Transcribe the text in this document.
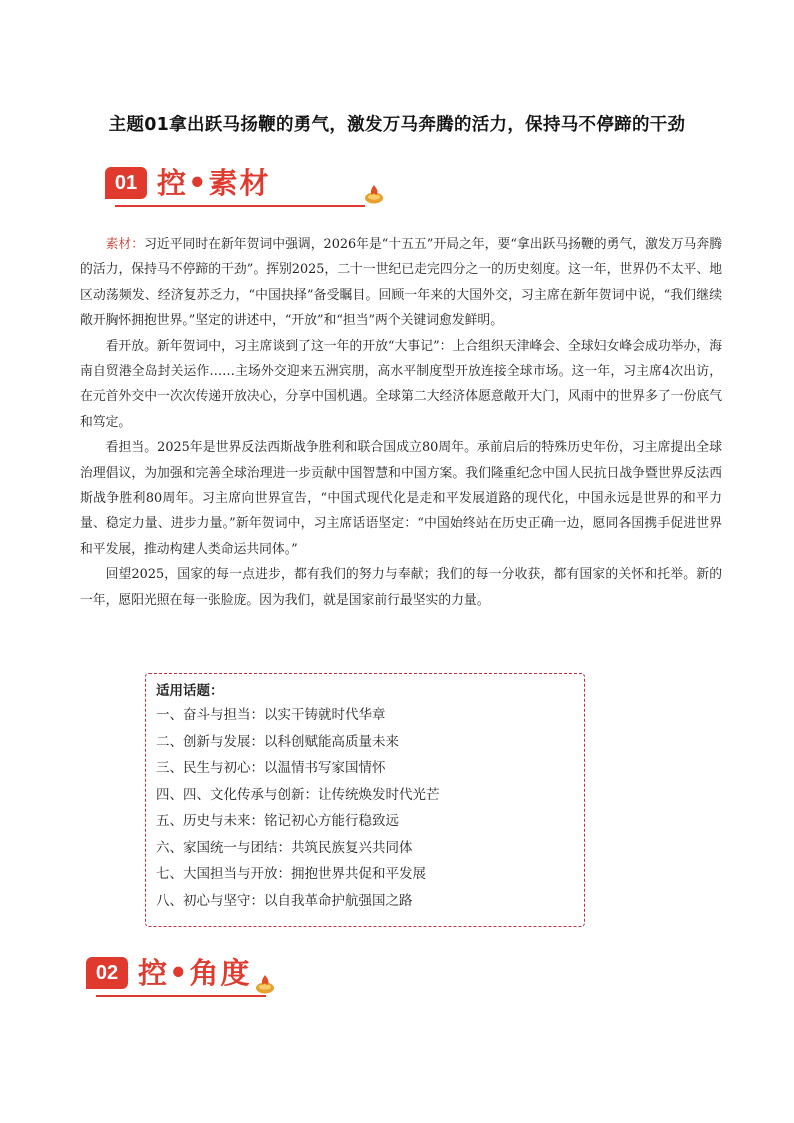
主题01拿出跃马扬鞭的勇气，激发万马奔腾的活力，保持马不停蹄的干劲
01 控•素材

素材：习近平同时在新年贺词中强调，2026年是“十五五”开局之年，要“拿出跃马扬鞭的勇气，激发万马奔腾的活力，保持马不停蹄的干劲”。挥别2025，二十一世纪已走完四分之一的历史刻度。这一年，世界仍不太平、地区动荡频发、经济复苏乏力，“中国抉择”备受瞩目。回顾一年来的大国外交，习主席在新年贺词中说，“我们继续敞开胸怀拥抱世界。”坚定的讲述中，“开放”和“担当”两个关键词愈发鲜明。

看开放。新年贺词中，习主席谈到了这一年的开放“大事记”：上合组织天津峰会、全球妇女峰会成功举办，海南自贸港全岛封关运作……主场外交迎来五洲宾朋，高水平制度型开放连接全球市场。这一年，习主席4次出访，在元首外交中一次次传递开放决心，分享中国机遇。全球第二大经济体愿意敞开大门，风雨中的世界多了一份底气和笃定。

看担当。2025年是世界反法西斯战争胜利和联合国成立80周年。承前启后的特殊历史年份，习主席提出全球治理倡议，为加强和完善全球治理进一步贡献中国智慧和中国方案。我们隆重纪念中国人民抗日战争暨世界反法西斯战争胜利80周年。习主席向世界宣告，“中国式现代化是走和平发展道路的现代化，中国永远是世界的和平力量、稳定力量、进步力量。”新年贺词中，习主席话语坚定：“中国始终站在历史正确一边，愿同各国携手促进世界和平发展，推动构建人类命运共同体。”

回望2025，国家的每一点进步，都有我们的努力与奉献；我们的每一分收获，都有国家的关怀和托举。新的一年，愿阳光照在每一张脸庞。因为我们，就是国家前行最坚实的力量。

适用话题：
一、奋斗与担当：以实干铸就时代华章
二、创新与发展：以科创赋能高质量未来
三、民生与初心：以温情书写家国情怀
四、四、文化传承与创新：让传统焕发时代光芒
五、历史与未来：铭记初心方能行稳致远
六、家国统一与团结：共筑民族复兴共同体
七、大国担当与开放：拥抱世界共促和平发展
八、初心与坚守：以自我革命护航强国之路
02 控•角度
